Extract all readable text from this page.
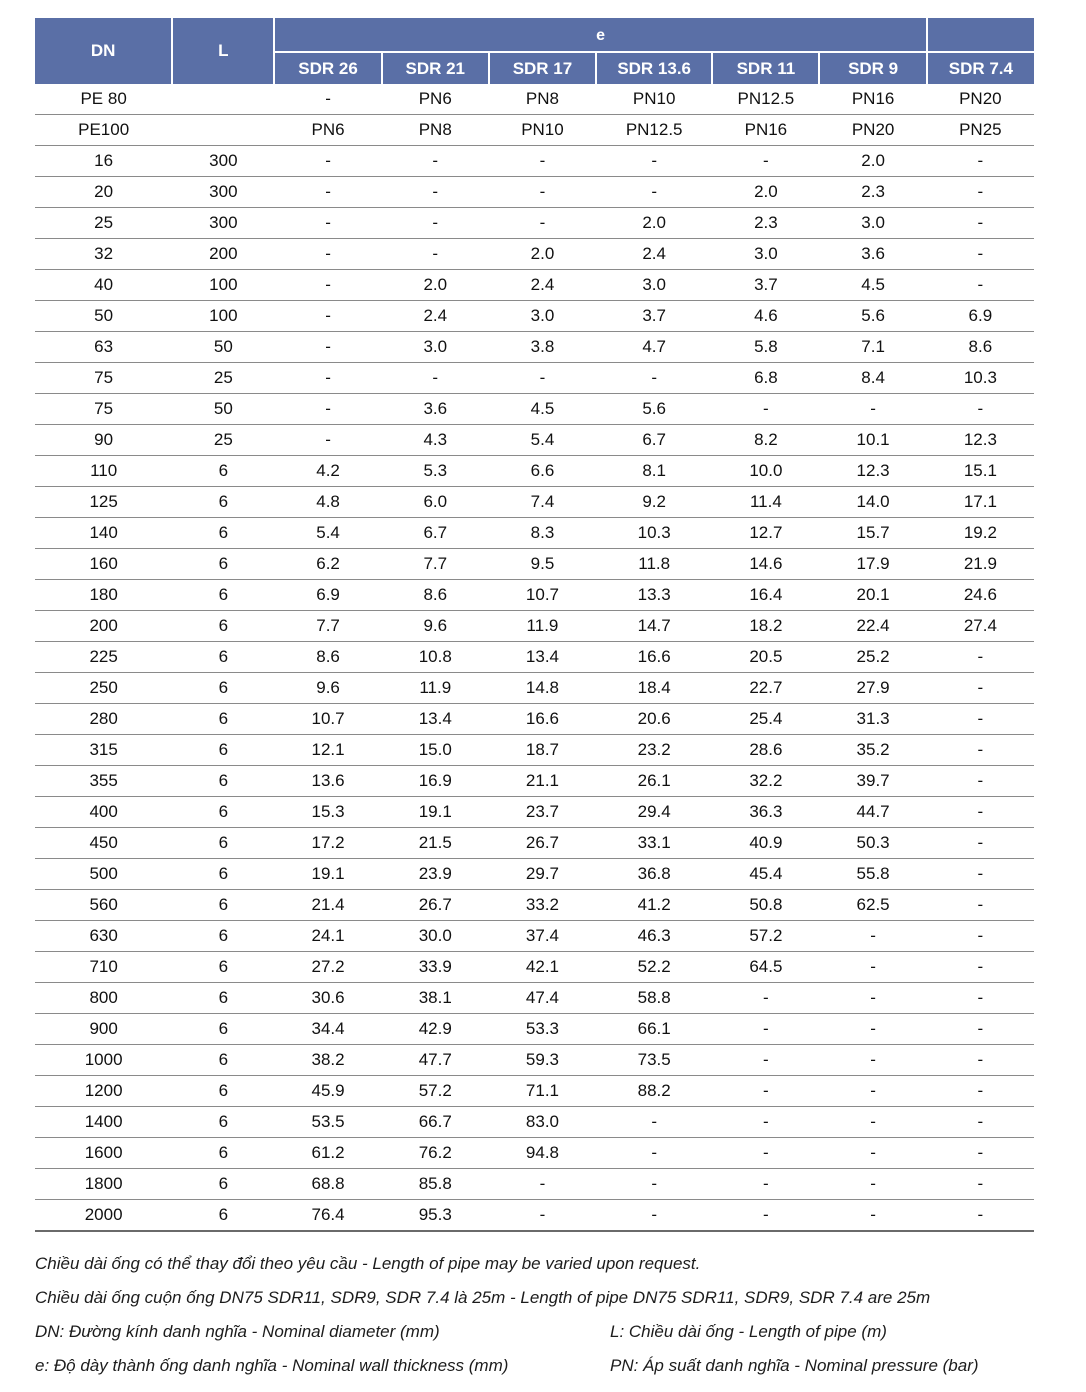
DN	L	e						
		SDR 26	SDR 21	SDR 17	SDR 13.6	SDR 11	SDR 9	SDR 7.4
PE 80		-	PN6	PN8	PN10	PN12.5	PN16	PN20
PE100		PN6	PN8	PN10	PN12.5	PN16	PN20	PN25
16	300	-	-	-	-	-	2.0	-
20	300	-	-	-	-	2.0	2.3	-
25	300	-	-	-	2.0	2.3	3.0	-
32	200	-	-	2.0	2.4	3.0	3.6	-
40	100	-	2.0	2.4	3.0	3.7	4.5	-
50	100	-	2.4	3.0	3.7	4.6	5.6	6.9
63	50	-	3.0	3.8	4.7	5.8	7.1	8.6
75	25	-	-	-	-	6.8	8.4	10.3
75	50	-	3.6	4.5	5.6	-	-	-
90	25	-	4.3	5.4	6.7	8.2	10.1	12.3
110	6	4.2	5.3	6.6	8.1	10.0	12.3	15.1
125	6	4.8	6.0	7.4	9.2	11.4	14.0	17.1
140	6	5.4	6.7	8.3	10.3	12.7	15.7	19.2
160	6	6.2	7.7	9.5	11.8	14.6	17.9	21.9
180	6	6.9	8.6	10.7	13.3	16.4	20.1	24.6
200	6	7.7	9.6	11.9	14.7	18.2	22.4	27.4
225	6	8.6	10.8	13.4	16.6	20.5	25.2	-
250	6	9.6	11.9	14.8	18.4	22.7	27.9	-
280	6	10.7	13.4	16.6	20.6	25.4	31.3	-
315	6	12.1	15.0	18.7	23.2	28.6	35.2	-
355	6	13.6	16.9	21.1	26.1	32.2	39.7	-
400	6	15.3	19.1	23.7	29.4	36.3	44.7	-
450	6	17.2	21.5	26.7	33.1	40.9	50.3	-
500	6	19.1	23.9	29.7	36.8	45.4	55.8	-
560	6	21.4	26.7	33.2	41.2	50.8	62.5	-
630	6	24.1	30.0	37.4	46.3	57.2	-	-
710	6	27.2	33.9	42.1	52.2	64.5	-	-
800	6	30.6	38.1	47.4	58.8	-	-	-
900	6	34.4	42.9	53.3	66.1	-	-	-
1000	6	38.2	47.7	59.3	73.5	-	-	-
1200	6	45.9	57.2	71.1	88.2	-	-	-
1400	6	53.5	66.7	83.0	-	-	-	-
1600	6	61.2	76.2	94.8	-	-	-	-
1800	6	68.8	85.8	-	-	-	-	-
2000	6	76.4	95.3	-	-	-	-	-
Chiều dài ống có thể thay đổi theo yêu cầu - Length of pipe may be varied upon request.
Chiều dài ống cuộn ống DN75 SDR11, SDR9, SDR 7.4 là 25m - Length of pipe DN75 SDR11, SDR9, SDR 7.4 are 25m
DN: Đường kính danh nghĩa - Nominal diameter (mm)	L: Chiều dài ống - Length of pipe (m)
e: Độ dày thành ống danh nghĩa - Nominal wall thickness (mm)	PN: Áp suất danh nghĩa - Nominal pressure (bar)
